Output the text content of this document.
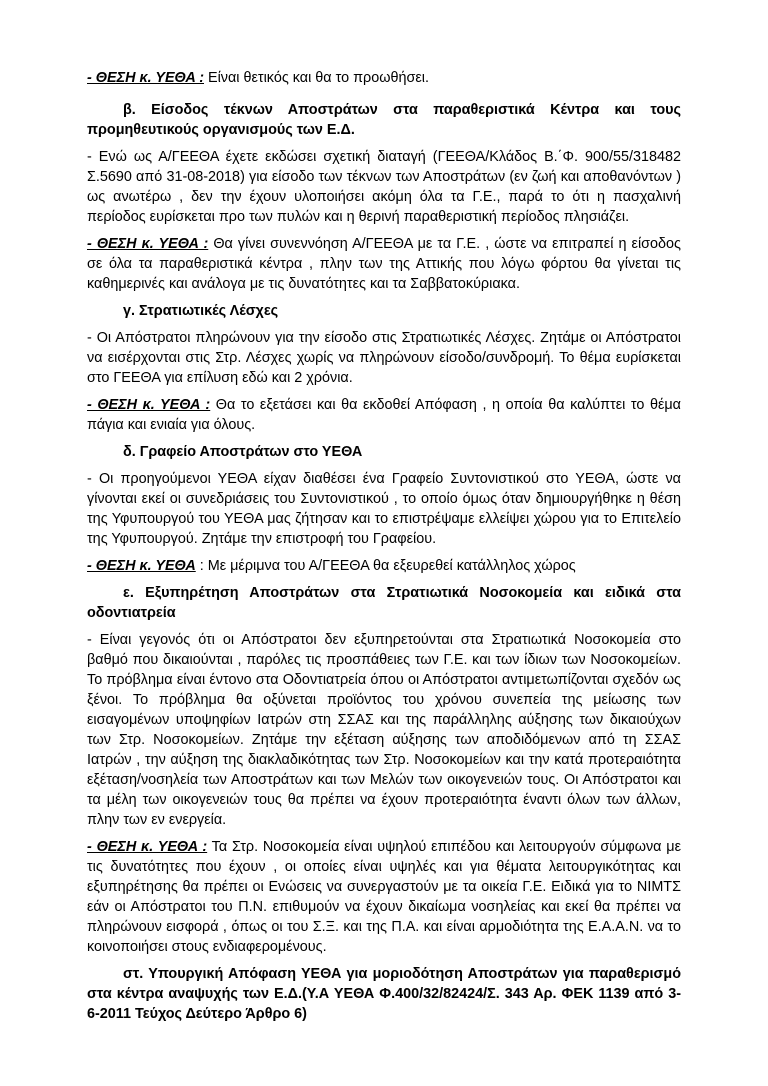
- ΘΕΣΗ κ. ΥΕΘΑ : Είναι θετικός και θα το προωθήσει.

β. Είσοδος τέκνων Αποστράτων στα παραθεριστικά Κέντρα και τους προμηθευτικούς οργανισμούς των Ε.Δ.

- Ενώ ως Α/ΓΕΕΘΑ έχετε εκδώσει σχετική διαταγή (ΓΕΕΘΑ/Κλάδος Β.΄Φ. 900/55/318482 Σ.5690 από 31-08-2018) για είσοδο των τέκνων των Αποστράτων (εν ζωή και αποθανόντων ) ως ανωτέρω , δεν την έχουν υλοποιήσει ακόμη όλα τα Γ.Ε., παρά το ότι η πασχαλινή περίοδος ευρίσκεται προ των πυλών και η θερινή παραθεριστική περίοδος πλησιάζει.

- ΘΕΣΗ κ. ΥΕΘΑ : Θα γίνει συνεννόηση Α/ΓΕΕΘΑ με τα Γ.Ε. , ώστε να επιτραπεί η είσοδος σε όλα τα παραθεριστικά κέντρα , πλην των της Αττικής που λόγω φόρτου θα γίνεται τις καθημερινές και ανάλογα με τις δυνατότητες και τα Σαββατοκύριακα.

γ. Στρατιωτικές Λέσχες

- Οι Απόστρατοι πληρώνουν για την είσοδο στις Στρατιωτικές Λέσχες. Ζητάμε οι Απόστρατοι να εισέρχονται στις Στρ. Λέσχες χωρίς να πληρώνουν είσοδο/συνδρομή. Το θέμα ευρίσκεται στο ΓΕΕΘΑ για επίλυση εδώ και 2 χρόνια.

- ΘΕΣΗ κ. ΥΕΘΑ : Θα το εξετάσει και θα εκδοθεί Απόφαση , η οποία θα καλύπτει το θέμα πάγια και ενιαία για όλους.

δ. Γραφείο Αποστράτων στο ΥΕΘΑ

- Οι προηγούμενοι ΥΕΘΑ είχαν διαθέσει ένα Γραφείο Συντονιστικού στο ΥΕΘΑ, ώστε να γίνονται εκεί οι συνεδριάσεις του Συντονιστικού , το οποίο όμως όταν δημιουργήθηκε η θέση της Υφυπουργού του ΥΕΘΑ μας ζήτησαν και το επιστρέψαμε ελλείψει χώρου για το Επιτελείο της Υφυπουργού. Ζητάμε την επιστροφή του Γραφείου.

- ΘΕΣΗ κ. ΥΕΘΑ : Με μέριμνα του Α/ΓΕΕΘΑ θα εξευρεθεί κατάλληλος χώρος

ε. Εξυπηρέτηση Αποστράτων στα Στρατιωτικά Νοσοκομεία και ειδικά στα οδοντιατρεία

- Είναι γεγονός ότι οι Απόστρατοι δεν εξυπηρετούνται στα Στρατιωτικά Νοσοκομεία στο βαθμό που δικαιούνται , παρόλες τις προσπάθειες των Γ.Ε. και των ίδιων των Νοσοκομείων. Το πρόβλημα είναι έντονο στα Οδοντιατρεία όπου οι Απόστρατοι αντιμετωπίζονται σχεδόν ως ξένοι. Το πρόβλημα θα οξύνεται προϊόντος του χρόνου συνεπεία της μείωσης των εισαγομένων υποψηφίων Ιατρών στη ΣΣΑΣ και της παράλληλης αύξησης των δικαιούχων των Στρ. Νοσοκομείων. Ζητάμε την εξέταση αύξησης των αποδιδόμενων από τη ΣΣΑΣ Ιατρών , την αύξηση της διακλαδικότητας των Στρ. Νοσοκομείων και την κατά προτεραιότητα εξέταση/νοσηλεία των Αποστράτων και των Μελών των οικογενειών τους. Οι Απόστρατοι και τα μέλη των οικογενειών τους θα πρέπει να έχουν προτεραιότητα έναντι όλων των άλλων, πλην των εν ενεργεία.

- ΘΕΣΗ κ. ΥΕΘΑ : Τα Στρ. Νοσοκομεία είναι υψηλού επιπέδου και λειτουργούν σύμφωνα με τις δυνατότητες που έχουν , οι οποίες είναι υψηλές και για θέματα λειτουργικότητας και εξυπηρέτησης θα πρέπει οι Ενώσεις να συνεργαστούν με τα οικεία Γ.Ε. Ειδικά για το ΝΙΜΤΣ εάν οι Απόστρατοι του Π.Ν. επιθυμούν να έχουν δικαίωμα νοσηλείας και εκεί θα πρέπει να πληρώνουν εισφορά , όπως οι του Σ.Ξ. και της Π.Α. και είναι αρμοδιότητα της Ε.Α.Α.Ν. να το κοινοποιήσει στους ενδιαφερομένους.

στ. Υπουργική Απόφαση ΥΕΘΑ για μοριοδότηση Αποστράτων για παραθερισμό στα κέντρα αναψυχής των Ε.Δ.(Υ.Α ΥΕΘΑ Φ.400/32/82424/Σ. 343 Αρ. ΦΕΚ 1139 από 3-6-2011 Τεύχος Δεύτερο Άρθρο 6)
